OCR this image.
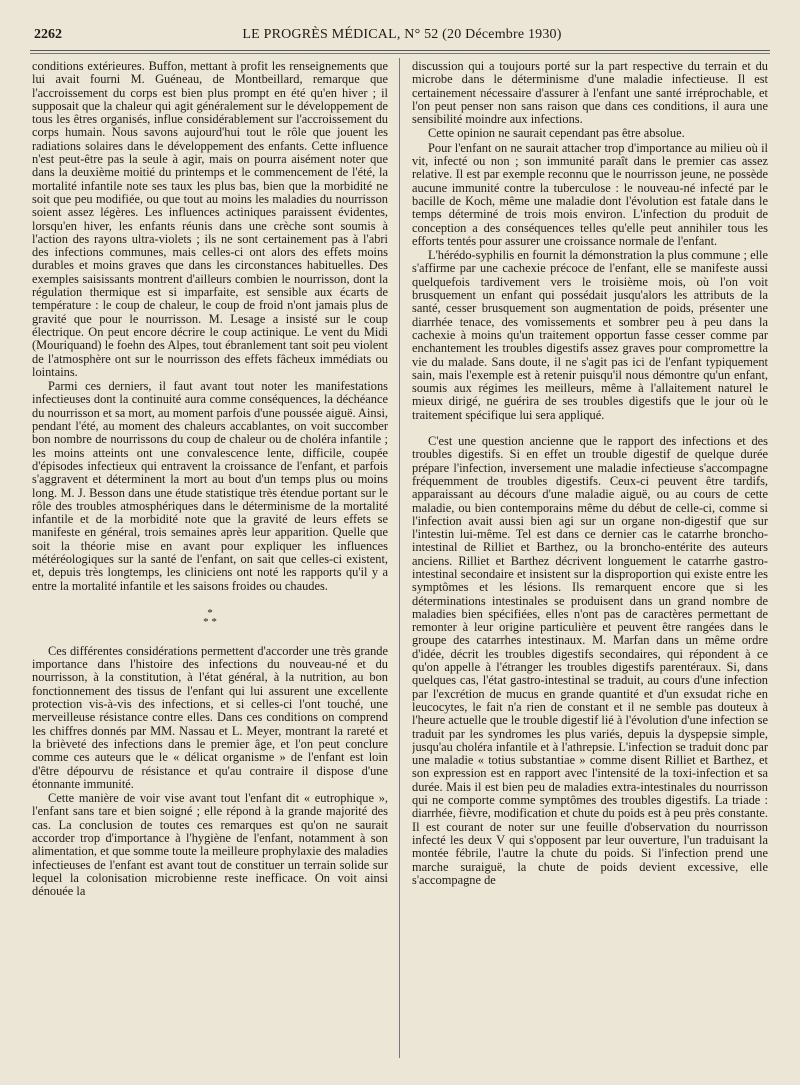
2262	LE PROGRÈS MÉDICAL, N° 52 (20 Décembre 1930)

conditions extérieures. Buffon, mettant à profit les renseignements que lui avait fourni M. Guéneau, de Montbeillard, remarque que l'accroissement du corps est bien plus prompt en été qu'en hiver ; il supposait que la chaleur qui agit généralement sur le développement de tous les êtres organisés, influe considérablement sur l'accroissement du corps humain. Nous savons aujourd'hui tout le rôle que jouent les radiations solaires dans le développement des enfants. Cette influence n'est peut-être pas la seule à agir, mais on pourra aisément noter que dans la deuxième moitié du printemps et le commencement de l'été, la mortalité infantile note ses taux les plus bas, bien que la morbidité ne soit que peu modifiée, ou que tout au moins les maladies du nourrisson soient assez légères. Les influences actiniques paraissent évidentes, lorsqu'en hiver, les enfants réunis dans une crèche sont soumis à l'action des rayons ultra-violets ; ils ne sont certainement pas à l'abri des infections communes, mais celles-ci ont alors des effets moins durables et moins graves que dans les circonstances habituelles. Des exemples saisissants montrent d'ailleurs combien le nourrisson, dont la régulation thermique est si imparfaite, est sensible aux écarts de température : le coup de chaleur, le coup de froid n'ont jamais plus de gravité que pour le nourrisson. M. Lesage a insisté sur le coup électrique. On peut encore décrire le coup actinique. Le vent du Midi (Mouriquand) le foehn des Alpes, tout ébranlement tant soit peu violent de l'atmosphère ont sur le nourrisson des effets fâcheux immédiats ou lointains.

Parmi ces derniers, il faut avant tout noter les manifestations infectieuses dont la continuité aura comme conséquences, la déchéance du nourrisson et sa mort, au moment parfois d'une poussée aiguë. Ainsi, pendant l'été, au moment des chaleurs accablantes, on voit succomber bon nombre de nourrissons du coup de chaleur ou de choléra infantile ; les moins atteints ont une convalescence lente, difficile, coupée d'épisodes infectieux qui entravent la croissance de l'enfant, et parfois s'aggravent et déterminent la mort au bout d'un temps plus ou moins long. M. J. Besson dans une étude statistique très étendue portant sur le rôle des troubles atmosphériques dans le déterminisme de la mortalité infantile et de la morbidité note que la gravité de leurs effets se manifeste en général, trois semaines après leur apparition. Quelle que soit la théorie mise en avant pour expliquer les influences météréologiques sur la santé de l'enfant, on sait que celles-ci existent, et, depuis très longtemps, les cliniciens ont noté les rapports qu'il y a entre la mortalité infantile et les saisons froides ou chaudes.

*
* *

Ces différentes considérations permettent d'accorder une très grande importance dans l'histoire des infections du nouveau-né et du nourrisson, à la constitution, à l'état général, à la nutrition, au bon fonctionnement des tissus de l'enfant qui lui assurent une excellente protection vis-à-vis des infections, et si celles-ci l'ont touché, une merveilleuse résistance contre elles. Dans ces conditions on comprend les chiffres donnés par MM. Nassau et L. Meyer, montrant la rareté et la brièveté des infections dans le premier âge, et l'on peut conclure comme ces auteurs que le « délicat organisme » de l'enfant est loin d'être dépourvu de résistance et qu'au contraire il dispose d'une étonnante immunité.

Cette manière de voir vise avant tout l'enfant dit « eutrophique », l'enfant sans tare et bien soigné ; elle répond à la grande majorité des cas. La conclusion de toutes ces remarques est qu'on ne saurait accorder trop d'importance à l'hygiène de l'enfant, notamment à son alimentation, et que somme toute la meilleure prophylaxie des maladies infectieuses de l'enfant est avant tout de constituer un terrain solide sur lequel la colonisation microbienne reste inefficace. On voit ainsi dénouée la

discussion qui a toujours porté sur la part respective du terrain et du microbe dans le déterminisme d'une maladie infectieuse. Il est certainement nécessaire d'assurer à l'enfant une santé irréprochable, et l'on peut penser non sans raison que dans ces conditions, il aura une sensibilité moindre aux infections.

Cette opinion ne saurait cependant pas être absolue.

Pour l'enfant on ne saurait attacher trop d'importance au milieu où il vit, infecté ou non ; son immunité paraît dans le premier cas assez relative. Il est par exemple reconnu que le nourrisson jeune, ne possède aucune immunité contre la tuberculose : le nouveau-né infecté par le bacille de Koch, même une maladie dont l'évolution est fatale dans le temps déterminé de trois mois environ. L'infection du produit de conception a des conséquences telles qu'elle peut annihiler tous les efforts tentés pour assurer une croissance normale de l'enfant.

L'hérédo-syphilis en fournit la démonstration la plus commune ; elle s'affirme par une cachexie précoce de l'enfant, elle se manifeste aussi quelquefois tardivement vers le troisième mois, où l'on voit brusquement un enfant qui possédait jusqu'alors les attributs de la santé, cesser brusquement son augmentation de poids, présenter une diarrhée tenace, des vomissements et sombrer peu à peu dans la cachexie à moins qu'un traitement opportun fasse cesser comme par enchantement les troubles digestifs assez graves pour compromettre la vie du malade. Sans doute, il ne s'agit pas ici de l'enfant typiquement sain, mais l'exemple est à retenir puisqu'il nous démontre qu'un enfant, soumis aux régimes les meilleurs, même à l'allaitement naturel le mieux dirigé, ne guérira de ses troubles digestifs que le jour où le traitement spécifique lui sera appliqué.

C'est une question ancienne que le rapport des infections et des troubles digestifs. Si en effet un trouble digestif de quelque durée prépare l'infection, inversement une maladie infectieuse s'accompagne fréquemment de troubles digestifs. Ceux-ci peuvent être tardifs, apparaissant au décours d'une maladie aiguë, ou au cours de cette maladie, ou bien contemporains même du début de celle-ci, comme si l'infection avait aussi bien agi sur un organe non-digestif que sur l'intestin lui-même. Tel est dans ce dernier cas le catarrhe broncho-intestinal de Rilliet et Barthez, ou la broncho-entérite des auteurs anciens. Rilliet et Barthez décrivent longuement le catarrhe gastro-intestinal secondaire et insistent sur la disproportion qui existe entre les symptômes et les lésions. Ils remarquent encore que si les déterminations intestinales se produisent dans un grand nombre de maladies bien spécifiées, elles n'ont pas de caractères permettant de remonter à leur origine particulière et peuvent être rangées dans le groupe des catarrhes intestinaux. M. Marfan dans un même ordre d'idée, décrit les troubles digestifs secondaires, qui répondent à ce qu'on appelle à l'étranger les troubles digestifs parentéraux. Si, dans quelques cas, l'état gastro-intestinal se traduit, au cours d'une infection par l'excrétion de mucus en grande quantité et d'un exsudat riche en leucocytes, le fait n'a rien de constant et il ne semble pas douteux à l'heure actuelle que le trouble digestif lié à l'évolution d'une infection se traduit par les syndromes les plus variés, depuis la dyspepsie simple, jusqu'au choléra infantile et à l'athrepsie. L'infection se traduit donc par une maladie « totius substantiae » comme disent Rilliet et Barthez, et son expression est en rapport avec l'intensité de la toxi-infection et sa durée. Mais il est bien peu de maladies extra-intestinales du nourrisson qui ne comporte comme symptômes des troubles digestifs. La triade : diarrhée, fièvre, modification et chute du poids est à peu près constante. Il est courant de noter sur une feuille d'observation du nourrisson infecté les deux V qui s'opposent par leur ouverture, l'un traduisant la montée fébrile, l'autre la chute du poids. Si l'infection prend une marche suraiguë, la chute de poids devient excessive, elle s'accompagne de
